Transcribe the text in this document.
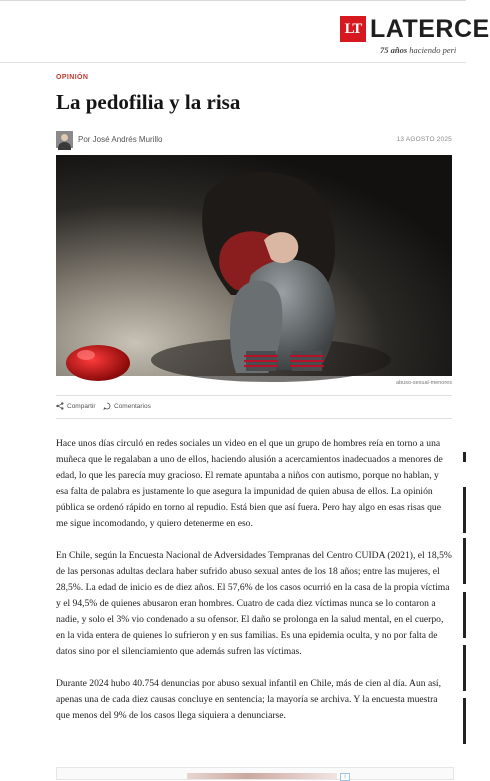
LT LATERCE
75 años haciendo peri
OPINIÓN
La pedofilia y la risa
Por José Andrés Murillo	13 AGOSTO 2025
abuso-sexual-menores
Compartir	Comentarios

Hace unos días circuló en redes sociales un video en el que un grupo de hombres reía en torno a una muñeca que le regalaban a uno de ellos, haciendo alusión a acercamientos inadecuados a menores de edad, lo que les parecía muy gracioso. El remate apuntaba a niños con autismo, porque no hablan, y esa falta de palabra es justamente lo que asegura la impunidad de quien abusa de ellos. La opinión pública se ordenó rápido en torno al repudio. Está bien que así fuera. Pero hay algo en esas risas que me sigue incomodando, y quiero detenerme en eso.

En Chile, según la Encuesta Nacional de Adversidades Tempranas del Centro CUIDA (2021), el 18,5% de las personas adultas declara haber sufrido abuso sexual antes de los 18 años; entre las mujeres, el 28,5%. La edad de inicio es de diez años. El 57,6% de los casos ocurrió en la casa de la propia víctima y el 94,5% de quienes abusaron eran hombres. Cuatro de cada diez víctimas nunca se lo contaron a nadie, y solo el 3% vio condenado a su ofensor. El daño se prolonga en la salud mental, en el cuerpo, en la vida entera de quienes lo sufrieron y en sus familias. Es una epidemia oculta, y no por falta de datos sino por el silenciamiento que además sufren las víctimas.

Durante 2024 hubo 40.754 denuncias por abuso sexual infantil en Chile, más de cien al día. Aun así, apenas una de cada diez causas concluye en sentencia; la mayoría se archiva. Y la encuesta muestra que menos del 9% de los casos llega siquiera a denunciarse.

i
